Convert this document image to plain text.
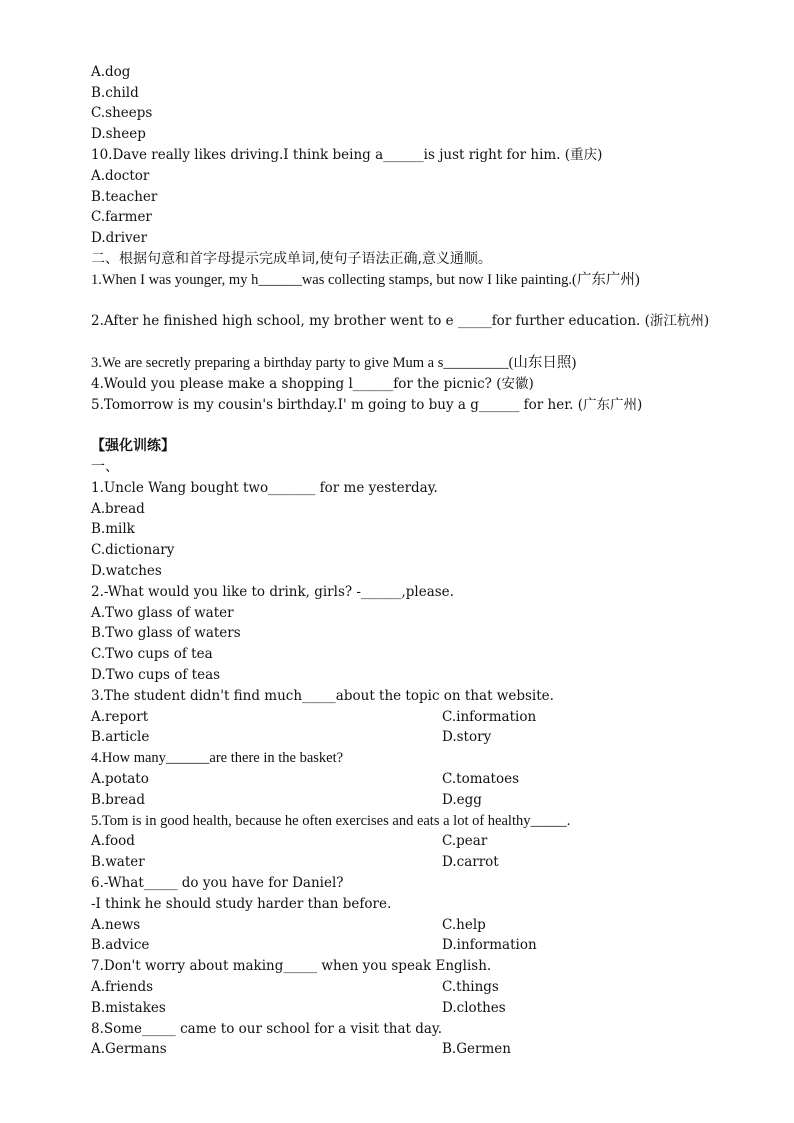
A.dog
B.child
C.sheeps
D.sheep
10.Dave really likes driving.I think being a______is just right for him. (重庆)
A.doctor
B.teacher
C.farmer
D.driver
二、根据句意和首字母提示完成单词,使句子语法正确,意义通顺。
1.When I was younger, my h______was collecting stamps, but now I like painting.(广东广州)
2.After he finished high school, my brother went to e _____for further education. (浙江杭州)
3.We are secretly preparing a birthday party to give Mum a s_________(山东日照)
4.Would you please make a shopping l______for the picnic? (安徽)
5.Tomorrow is my cousin's birthday.I' m going to buy a g______ for her. (广东广州)
【强化训练】
一、
1.Uncle Wang bought two_______ for me yesterday.
A.bread
B.milk
C.dictionary
D.watches
2.-What would you like to drink, girls? -______,please.
A.Two glass of water
B.Two glass of waters
C.Two cups of tea
D.Two cups of teas
3.The student didn't find much_____about the topic on that website.
A.report	C.information
B.article	D.story
4.How many______are there in the basket?
A.potato	C.tomatoes
B.bread	D.egg
5.Tom is in good health, because he often exercises and eats a lot of healthy_____.
A.food	C.pear
B.water	D.carrot
6.-What_____ do you have for Daniel?
-I think he should study harder than before.
A.news	C.help
B.advice	D.information
7.Don't worry about making_____ when you speak English.
A.friends	C.things
B.mistakes	D.clothes
8.Some_____ came to our school for a visit that day.
A.Germans	B.Germen
